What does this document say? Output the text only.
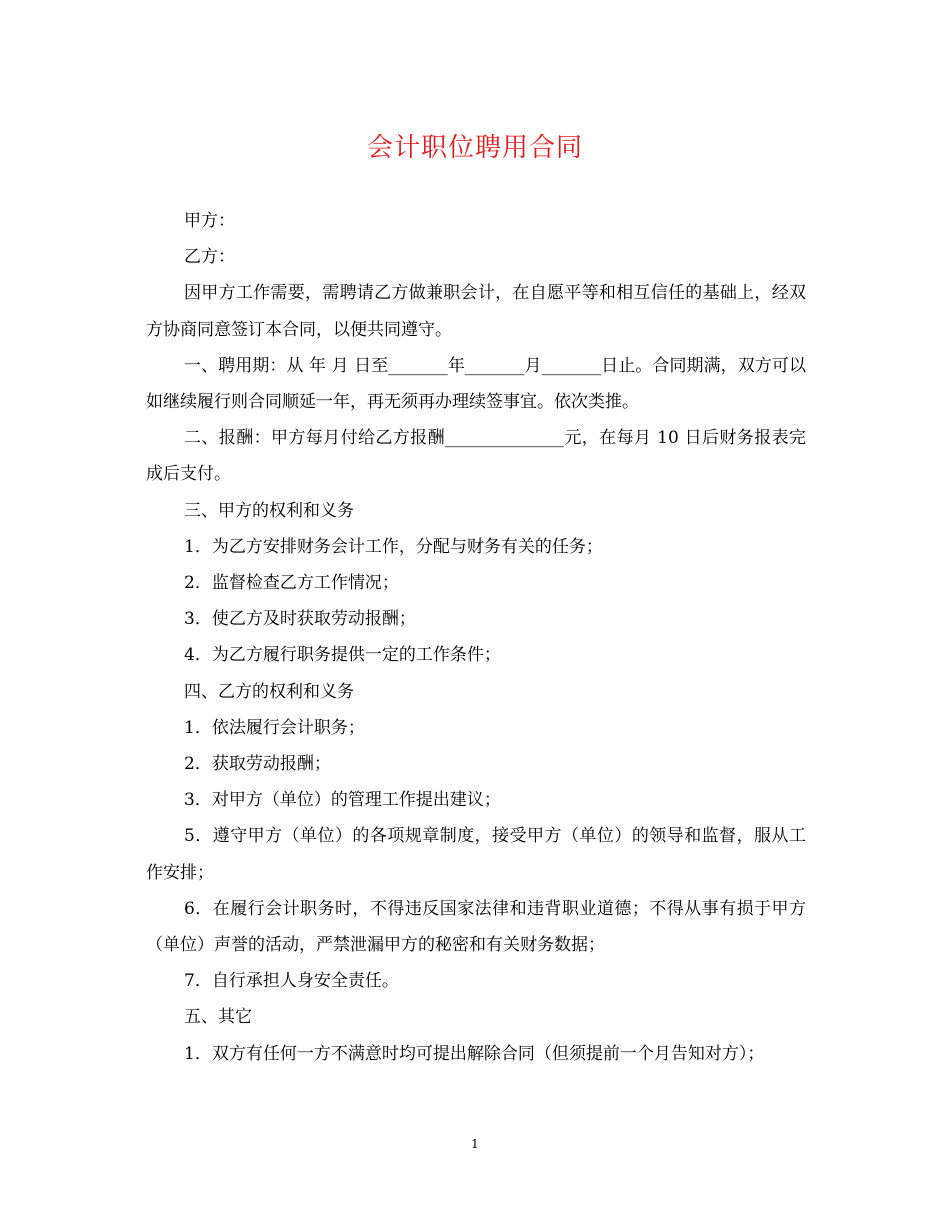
会计职位聘用合同

甲方：

乙方：

因甲方工作需要，需聘请乙方做兼职会计，在自愿平等和相互信任的基础上，经双方协商同意签订本合同，以便共同遵守。

一、聘用期：从 年 月 日至_______年_______月_______日止。合同期满，双方可以如继续履行则合同顺延一年，再无须再办理续签事宜。依次类推。

二、报酬：甲方每月付给乙方报酬______________元，在每月 10 日后财务报表完成后支付。

三、甲方的权利和义务

1．为乙方安排财务会计工作，分配与财务有关的任务；

2．监督检查乙方工作情况；

3．使乙方及时获取劳动报酬；

4．为乙方履行职务提供一定的工作条件；

四、乙方的权利和义务

1．依法履行会计职务；

2．获取劳动报酬；

3．对甲方（单位）的管理工作提出建议；

5．遵守甲方（单位）的各项规章制度，接受甲方（单位）的领导和监督，服从工作安排；

6．在履行会计职务时，不得违反国家法律和违背职业道德；不得从事有损于甲方（单位）声誉的活动，严禁泄漏甲方的秘密和有关财务数据；

7．自行承担人身安全责任。

五、其它

1．双方有任何一方不满意时均可提出解除合同（但须提前一个月告知对方）；

1
